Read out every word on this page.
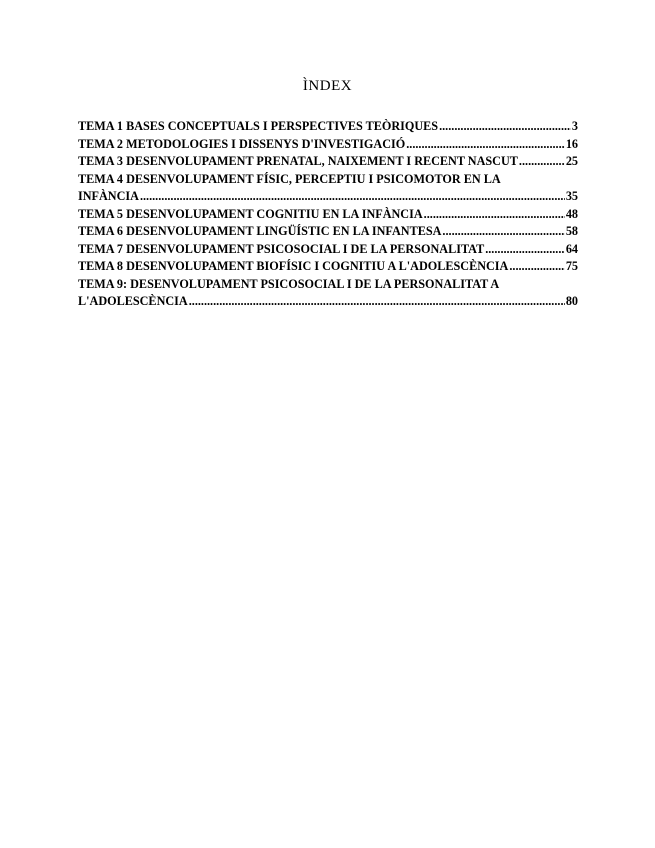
ÌNDEX
TEMA 1 BASES CONCEPTUALS I PERSPECTIVES TEÒRIQUES .....	3
TEMA 2 METODOLOGIES I DISSENYS D'INVESTIGACIÓ .....	16
TEMA 3 DESENVOLUPAMENT PRENATAL, NAIXEMENT I RECENT NASCUT .....	25
TEMA 4 DESENVOLUPAMENT FÍSIC, PERCEPTIU I PSICOMOTOR EN LA
INFÀNCIA .....	35
TEMA 5 DESENVOLUPAMENT COGNITIU EN LA INFÀNCIA .....	48
TEMA 6 DESENVOLUPAMENT LINGÜÍSTIC EN LA INFANTESA .....	58
TEMA 7 DESENVOLUPAMENT PSICOSOCIAL I DE LA PERSONALITAT .....	64
TEMA 8 DESENVOLUPAMENT BIOFÍSIC I COGNITIU A L'ADOLESCÈNCIA .....	75
TEMA 9: DESENVOLUPAMENT PSICOSOCIAL I DE LA PERSONALITAT A
L'ADOLESCÈNCIA .....	80
